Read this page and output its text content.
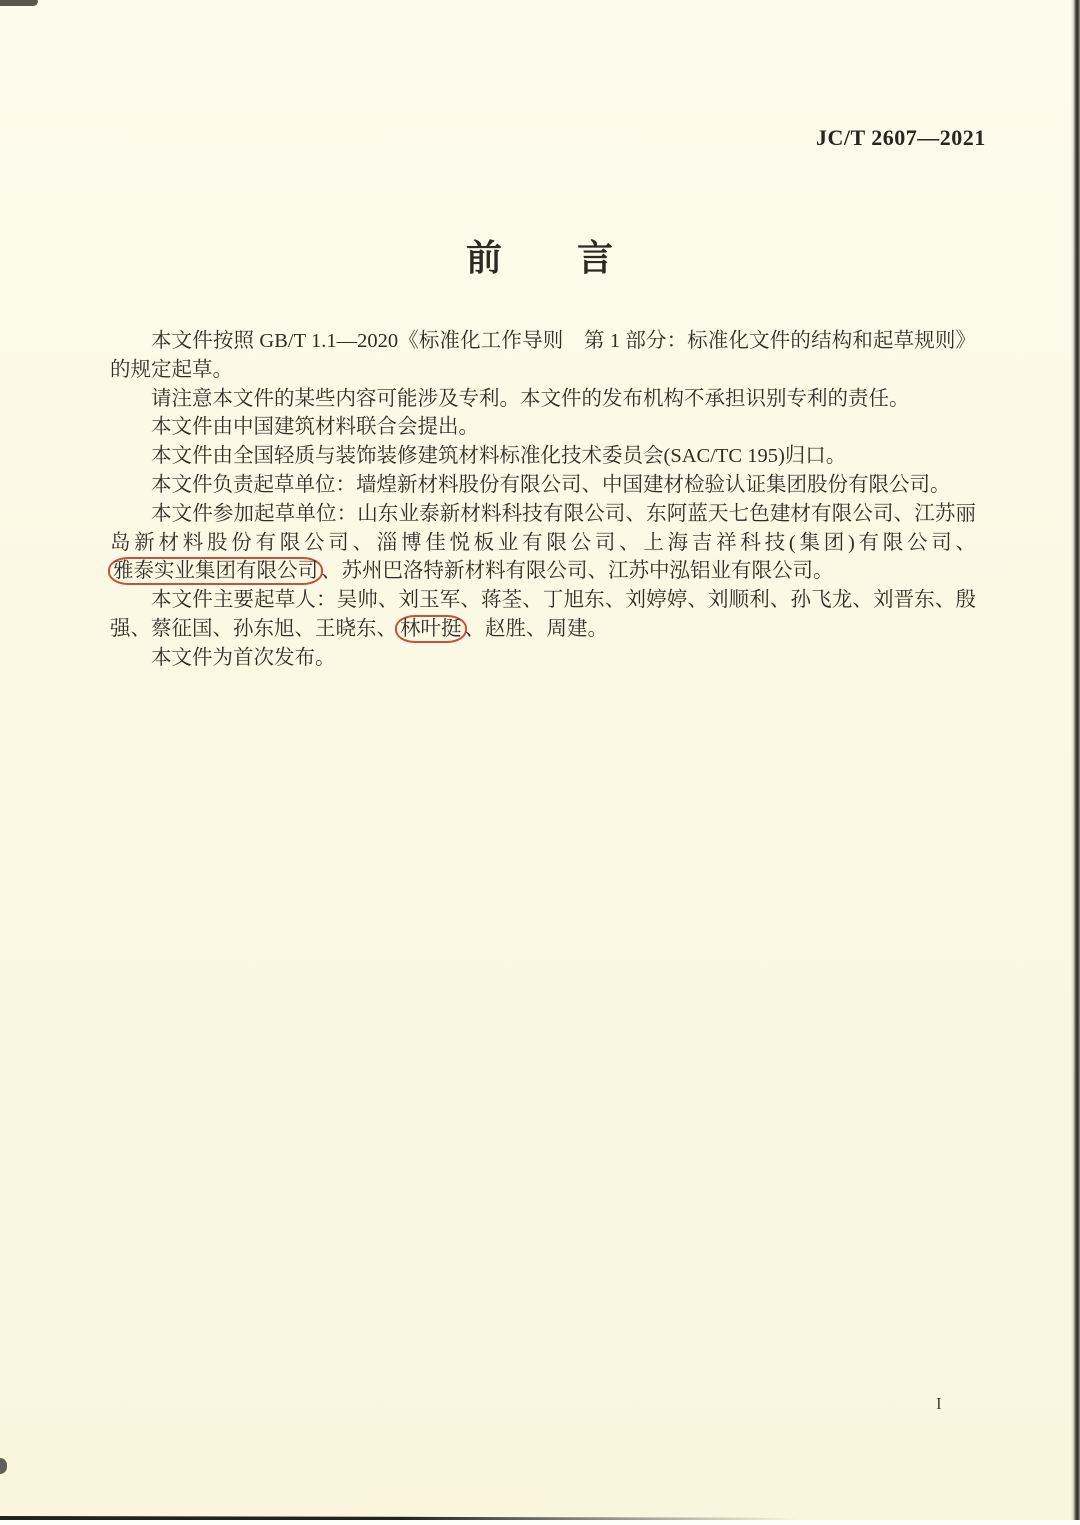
JC/T 2607—2021
前　　言

本文件按照 GB/T 1.1—2020《标准化工作导则　第 1 部分：标准化文件的结构和起草规则》的规定起草。

请注意本文件的某些内容可能涉及专利。本文件的发布机构不承担识别专利的责任。

本文件由中国建筑材料联合会提出。

本文件由全国轻质与装饰装修建筑材料标准化技术委员会(SAC/TC 195)归口。

本文件负责起草单位：墙煌新材料股份有限公司、中国建材检验认证集团股份有限公司。

本文件参加起草单位：山东业泰新材料科技有限公司、东阿蓝天七色建材有限公司、江苏丽岛新材料股份有限公司、淄博佳悦板业有限公司、上海吉祥科技(集团)有限公司、雅泰实业集团有限公司 、苏州巴洛特新材料有限公司、江苏中泓铝业有限公司。

本文件主要起草人：吴帅、刘玉军、蒋荃、丁旭东、刘婷婷、刘顺利、孙飞龙、刘晋东、殷强、蔡征国、孙东旭、王晓东、 林叶挺 、赵胜、周建。

本文件为首次发布。

I
